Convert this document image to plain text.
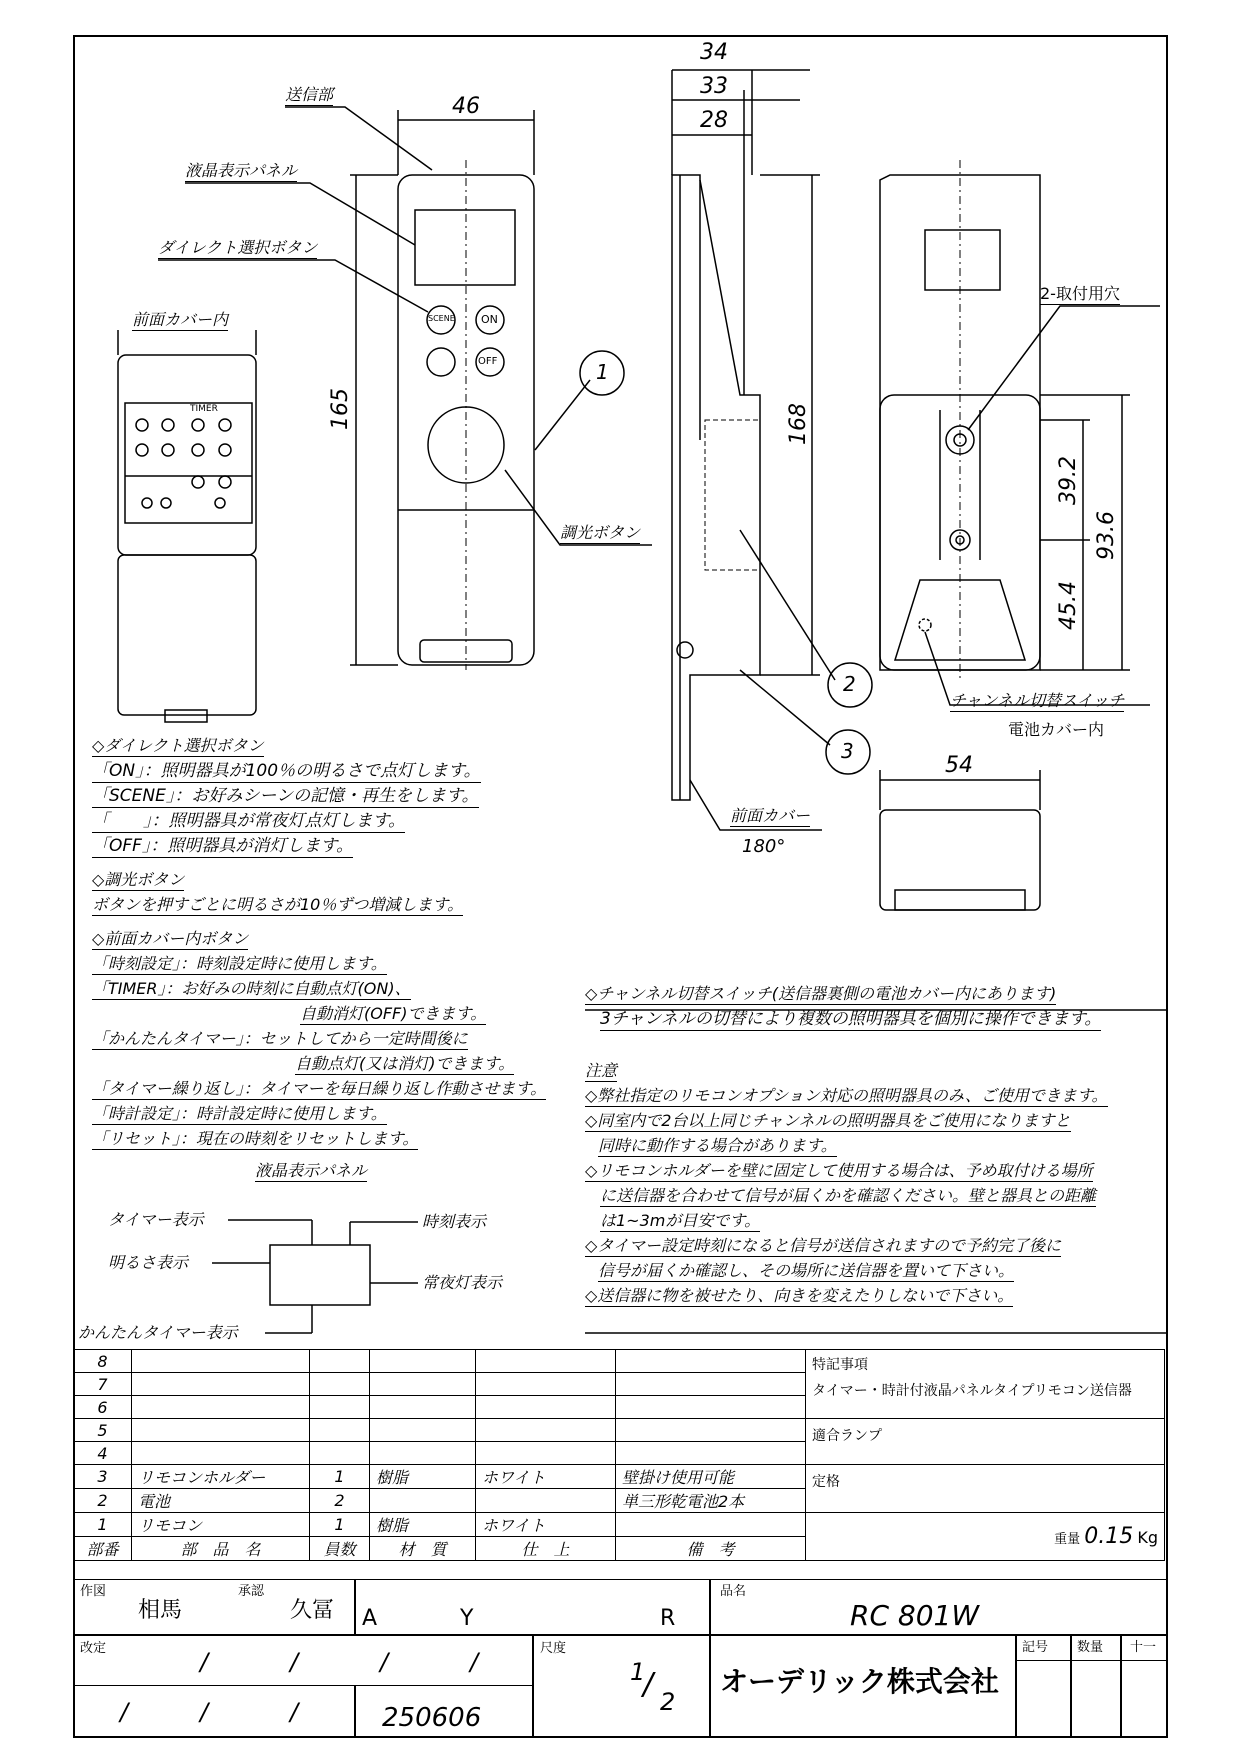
送信部
液晶表示パネル
ダイレクト選択ボタン
前面カバー内
調光ボタン
2-取付用穴
チャンネル切替スイッチ
電池カバー内
前面カバー
180°
1
2
3
SCENE ON
OFF
TIMER
46
165
34
33
28
168
39.2
93.6
45.4
54
◇ダイレクト選択ボタン
「ON」：照明器具が100％の明るさで点灯します。
「SCENE」：お好みシーンの記憶・再生をします。
「　　」：照明器具が常夜灯点灯します。
「OFF」：照明器具が消灯します。
◇調光ボタン
ボタンを押すごとに明るさが10％ずつ増減します。
◇前面カバー内ボタン
「時刻設定」：時刻設定時に使用します。
「TIMER」：お好みの時刻に自動点灯(ON)、
自動消灯(OFF)できます。
「かんたんタイマー」：セットしてから一定時間後に
自動点灯(又は消灯)できます。
「タイマー繰り返し」：タイマーを毎日繰り返し作動させます。
「時計設定」：時計設定時に使用します。
「リセット」：現在の時刻をリセットします。
液晶表示パネル
タイマー表示
明るさ表示
時刻表示
常夜灯表示
かんたんタイマー表示
◇チャンネル切替スイッチ(送信器裏側の電池カバー内にあります)
3チャンネルの切替により複数の照明器具を個別に操作できます。
注意
◇弊社指定のリモコンオプション対応の照明器具のみ、ご使用できます。
◇同室内で2台以上同じチャンネルの照明器具をご使用になりますと
同時に動作する場合があります。
◇リモコンホルダーを壁に固定して使用する場合は、予め取付ける場所
に送信器を合わせて信号が届くかを確認ください。壁と器具との距離
は1~3mが目安です。
◇タイマー設定時刻になると信号が送信されますので予約完了後に
信号が届くか確認し、その場所に送信器を置いて下さい。
◇送信器に物を被せたり、向きを変えたりしないで下さい。
8						特記事項
タイマー・時計付液晶パネルタイプリモコン送信器

7						
6						
5						適合ランプ
4						
3	リモコンホルダー	1	樹脂	ホワイト	壁掛け使用可能	定格
2	電池	2			単三形乾電池2本	
1	リモコン	1	樹脂	ホワイト		重量 0.15 Kg
部番	部　品　名	員数	材　質	仕　上	備　考	
作図
相馬
承認
久冨 A	Y	R
品名
RC 801W
改定	/	/	/	/
/	/	/	250606
尺度
1
/ 2
オーデリック株式会社
記号 数量 十一
